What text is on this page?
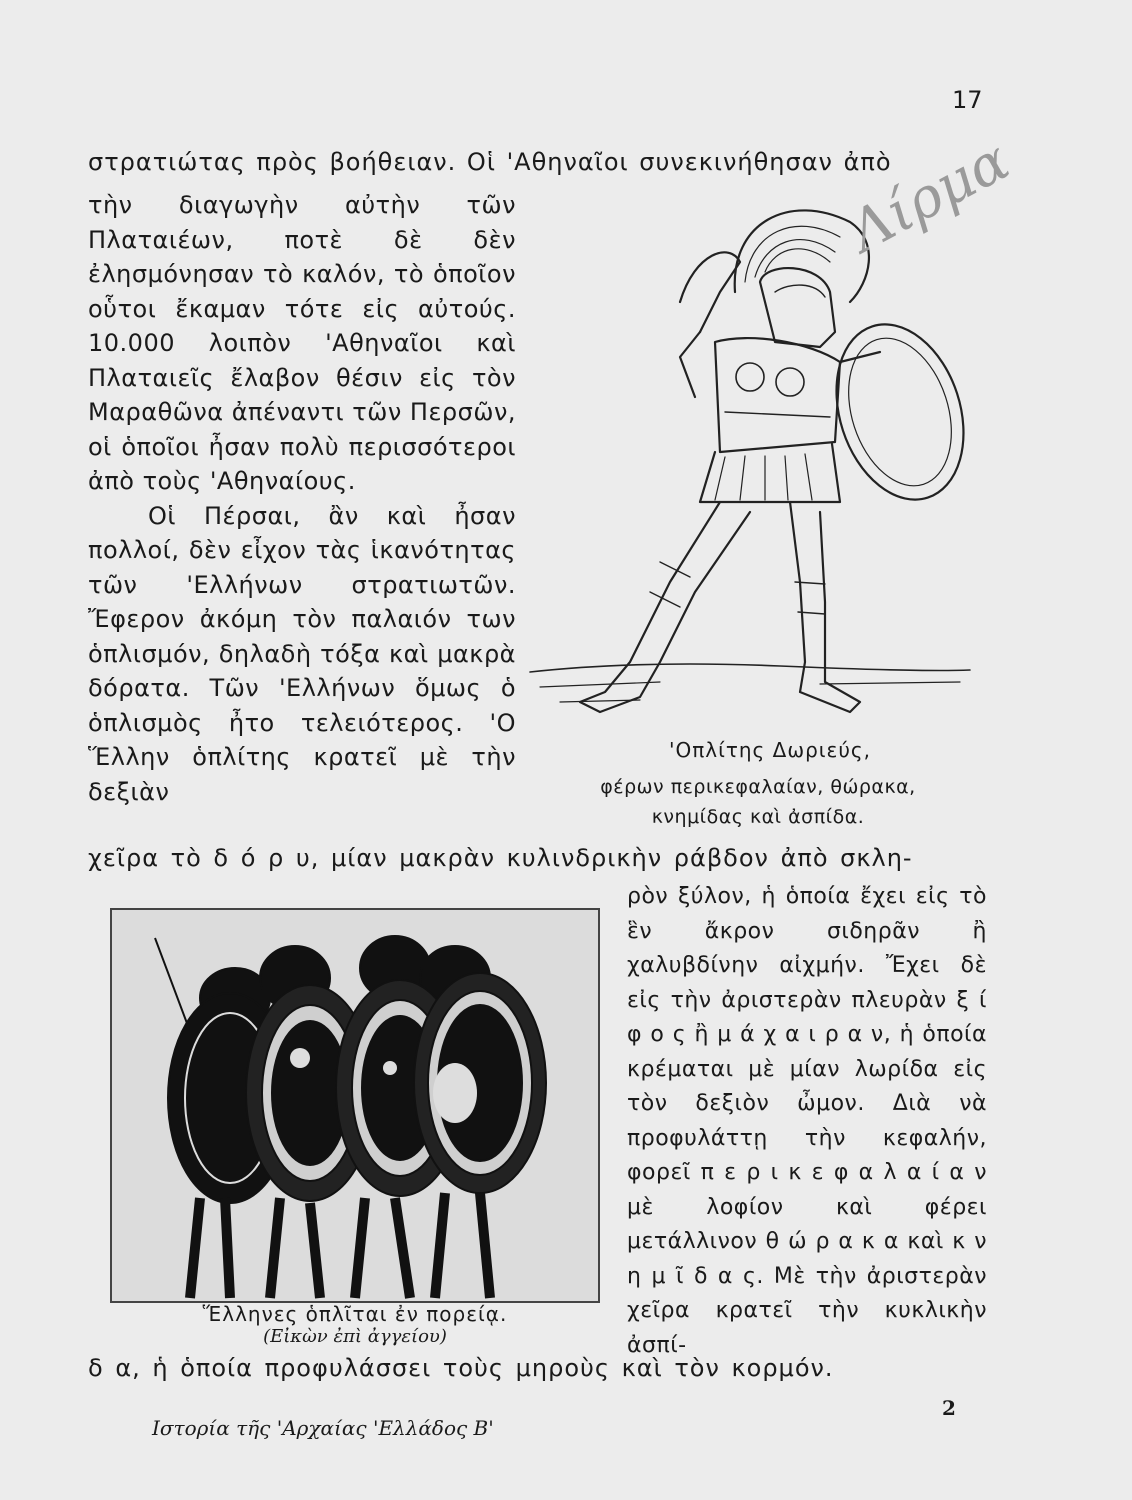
17
στρατιώτας πρὸς βοήθειαν. Οἱ 'Αθηναῖοι συνεκινήθησαν ἀπὸ

τὴν διαγωγὴν αὐτὴν τῶν Πλαταιέων, ποτὲ δὲ δὲν ἐλησμόνησαν τὸ καλόν, τὸ ὁποῖον οὗτοι ἔκαμαν τότε εἰς αὐτούς. 10.000 λοιπὸν 'Αθηναῖοι καὶ Πλαταιεῖς ἔλαβον θέσιν εἰς τὸν Μαραθῶνα ἀπέναντι τῶν Περσῶν, οἱ ὁποῖοι ἦσαν πολὺ περισσότεροι ἀπὸ τοὺς 'Αθηναίους.

Οἱ Πέρσαι, ἂν καὶ ἦσαν πολλοί, δὲν εἶχον τὰς ἱκανότητας τῶν 'Ελλήνων στρατιωτῶν. Ἔφερον ἀκόμη τὸν παλαιόν των ὁπλισμόν, δηλαδὴ τόξα καὶ μακρὰ δόρατα. Τῶν 'Ελλήνων ὅμως ὁ ὁπλισμὸς ἦτο τελειότερος. 'Ο Ἕλλην ὁπλίτης κρατεῖ μὲ τὴν δεξιὰν

'Οπλίτης Δωριεύς,
φέρων περικεφαλαίαν, θώρακα,
κνημίδας καὶ ἀσπίδα.
χεῖρα τὸ δ ό ρ υ, μίαν μακρὰν κυλινδρικὴν ράβδον ἀπὸ σκλη-
Ἕλληνες ὁπλῖται ἐν πορείᾳ.
(Εἰκὼν ἐπὶ ἀγγείου)
ρὸν ξύλον, ἡ ὁποία ἔχει εἰς τὸ ἓν ἄκρον σιδηρᾶν ἢ χαλυβδίνην αἰχμήν. Ἔχει δὲ εἰς τὴν ἀριστερὰν πλευρὰν ξ ί φ ο ς ἢ μ ά χ α ι ρ α ν, ἡ ὁποία κρέμαται μὲ μίαν λωρίδα εἰς τὸν δεξιὸν ὦμον. Διὰ νὰ προφυλάττῃ τὴν κεφαλήν, φορεῖ π ε ρ ι κ ε φ α λ α ί α ν μὲ λοφίον καὶ φέρει μετάλλινον θ ώ ρ α κ α καὶ κ ν η μ ῖ δ α ς. Μὲ τὴν ἀριστερὰν χεῖρα κρατεῖ τὴν κυκλικὴν ἀσπί-
δ α, ἡ ὁποία προφυλάσσει τοὺς μηροὺς καὶ τὸν κορμόν.
Ιστορία τῆς 'Αρχαίας 'Ελλάδος Β'
2
Λίρμα
